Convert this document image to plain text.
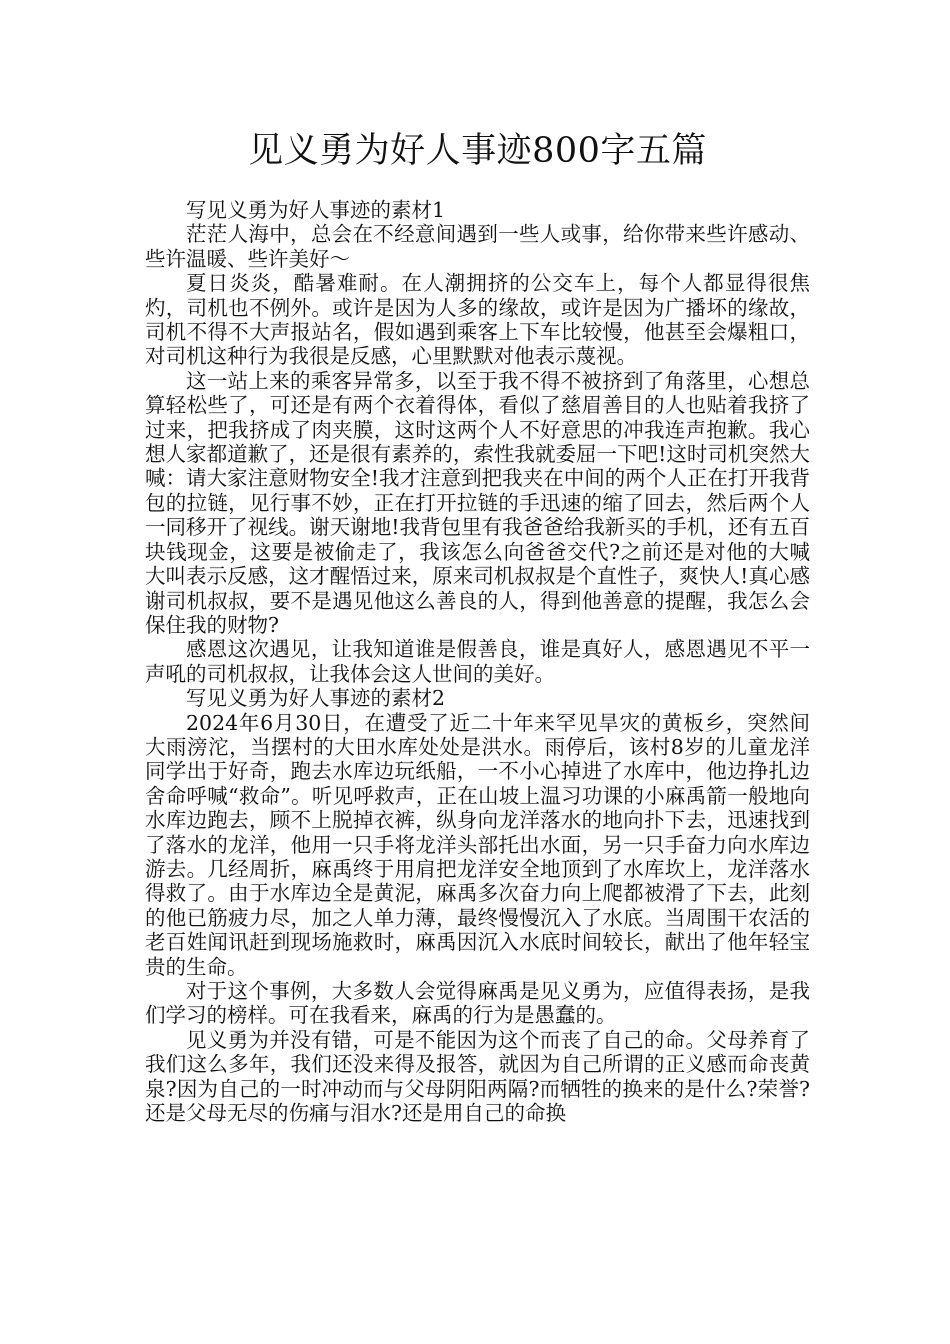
见义勇为好人事迹800字五篇

写见义勇为好人事迹的素材1

茫茫人海中，总会在不经意间遇到一些人或事，给你带来些许感动、些许温暖、些许美好～

夏日炎炎，酷暑难耐。在人潮拥挤的公交车上，每个人都显得很焦灼，司机也不例外。或许是因为人多的缘故，或许是因为广播坏的缘故，司机不得不大声报站名，假如遇到乘客上下车比较慢，他甚至会爆粗口，对司机这种行为我很是反感，心里默默对他表示蔑视。

这一站上来的乘客异常多，以至于我不得不被挤到了角落里，心想总算轻松些了，可还是有两个衣着得体，看似了慈眉善目的人也贴着我挤了过来，把我挤成了肉夹膜，这时这两个人不好意思的冲我连声抱歉。我心想人家都道歉了，还是很有素养的，索性我就委屈一下吧!这时司机突然大喊：请大家注意财物安全!我才注意到把我夹在中间的两个人正在打开我背包的拉链，见行事不妙，正在打开拉链的手迅速的缩了回去，然后两个人一同移开了视线。谢天谢地!我背包里有我爸爸给我新买的手机，还有五百块钱现金，这要是被偷走了，我该怎么向爸爸交代?之前还是对他的大喊大叫表示反感，这才醒悟过来，原来司机叔叔是个直性子，爽快人!真心感谢司机叔叔，要不是遇见他这么善良的人，得到他善意的提醒，我怎么会保住我的财物?

感恩这次遇见，让我知道谁是假善良，谁是真好人，感恩遇见不平一声吼的司机叔叔，让我体会这人世间的美好。

写见义勇为好人事迹的素材2

2024年6月30日，在遭受了近二十年来罕见旱灾的黄板乡，突然间大雨滂沱，当摆村的大田水库处处是洪水。雨停后，该村8岁的儿童龙洋同学出于好奇，跑去水库边玩纸船，一不小心掉进了水库中，他边挣扎边舍命呼喊“救命”。听见呼救声，正在山坡上温习功课的小麻禹箭一般地向水库边跑去，顾不上脱掉衣裤，纵身向龙洋落水的地向扑下去，迅速找到了落水的龙洋，他用一只手将龙洋头部托出水面，另一只手奋力向水库边游去。几经周折，麻禹终于用肩把龙洋安全地顶到了水库坎上，龙洋落水得救了。由于水库边全是黄泥，麻禹多次奋力向上爬都被滑了下去，此刻的他已筋疲力尽，加之人单力薄，最终慢慢沉入了水底。当周围干农活的老百姓闻讯赶到现场施救时，麻禹因沉入水底时间较长，献出了他年轻宝贵的生命。

对于这个事例，大多数人会觉得麻禹是见义勇为，应值得表扬，是我们学习的榜样。可在我看来，麻禹的行为是愚蠢的。

见义勇为并没有错，可是不能因为这个而丧了自己的命。父母养育了我们这么多年，我们还没来得及报答，就因为自己所谓的正义感而命丧黄泉?因为自己的一时冲动而与父母阴阳两隔?而牺牲的换来的是什么?荣誉?还是父母无尽的伤痛与泪水?还是用自己的命换
